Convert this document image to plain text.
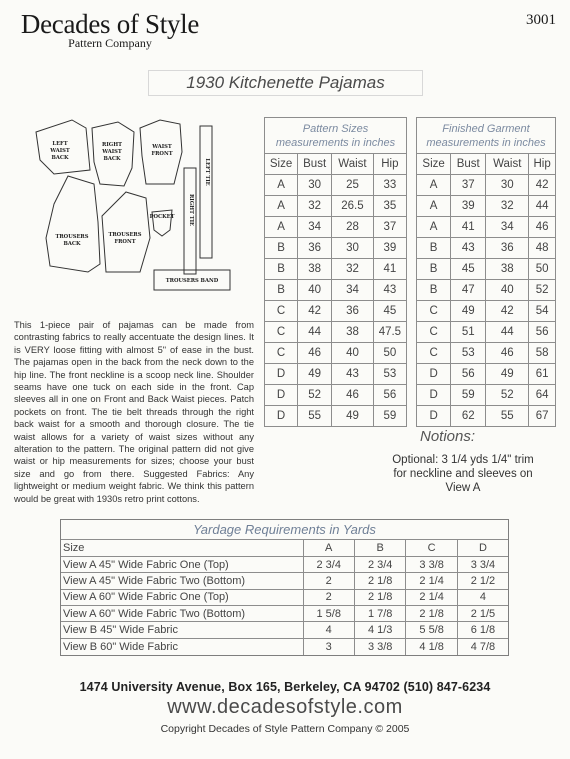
Decades of Style
Pattern Company
3001
1930 Kitchenette Pajamas
LEFT
WAIST
BACK
RIGHT
WAIST
BACK
WAIST
FRONT
POCKET
TROUSERS
BACK
TROUSERS
FRONT
TROUSERS BAND
LEFT TIE
RIGHT TIE
Pattern Sizes
measurements in inches			
Size	Bust	Waist	Hip
A	30	25	33
A	32	26.5	35
A	34	28	37
B	36	30	39
B	38	32	41
B	40	34	43
C	42	36	45
C	44	38	47.5
C	46	40	50
D	49	43	53
D	52	46	56
D	55	49	59
Finished Garment
measurements in inches			
Size	Bust	Waist	Hip
A	37	30	42
A	39	32	44
A	41	34	46
B	43	36	48
B	45	38	50
B	47	40	52
C	49	42	54
C	51	44	56
C	53	46	58
D	56	49	61
D	59	52	64
D	62	55	67

This 1-piece pair of pajamas can be made from contrasting fabrics to really accentuate the design lines. It is VERY loose fitting with almost 5" of ease in the bust. The pajamas open in the back from the neck down to the hip line. The front neckline is a scoop neck line. Shoulder seams have one tuck on each side in the front. Cap sleeves all in one on Front and Back Waist pieces. Patch pockets on front. The tie belt threads through the right back waist for a smooth and thorough closure. The tie waist allows for a variety of waist sizes without any alteration to the pattern. The original pattern did not give waist or hip measurements for sizes; choose your bust size and go from there. Suggested Fabrics: Any lightweight or medium weight fabric. We think this pattern would be great with 1930s retro print cottons.

Notions:
Optional: 3 1/4 yds 1/4" trim for neckline and sleeves on View A
Yardage Requirements in Yards
Size	A	B	C	D
View A 45" Wide Fabric One (Top)	2 3/4	2 3/4	3 3/8	3 3/4
View A 45" Wide Fabric Two (Bottom)	2	2 1/8	2 1/4	2 1/2
View A 60" Wide Fabric One (Top)	2	2 1/8	2 1/4	4
View A 60" Wide Fabric Two (Bottom)	1 5/8	1 7/8	2 1/8	2 1/5
View B 45" Wide Fabric	4	4 1/3	5 5/8	6 1/8
View B 60" Wide Fabric	3	3 3/8	4 1/8	4 7/8
1474 University Avenue, Box 165, Berkeley, CA 94702 (510) 847-6234
www.decadesofstyle.com
Copyright Decades of Style Pattern Company © 2005
